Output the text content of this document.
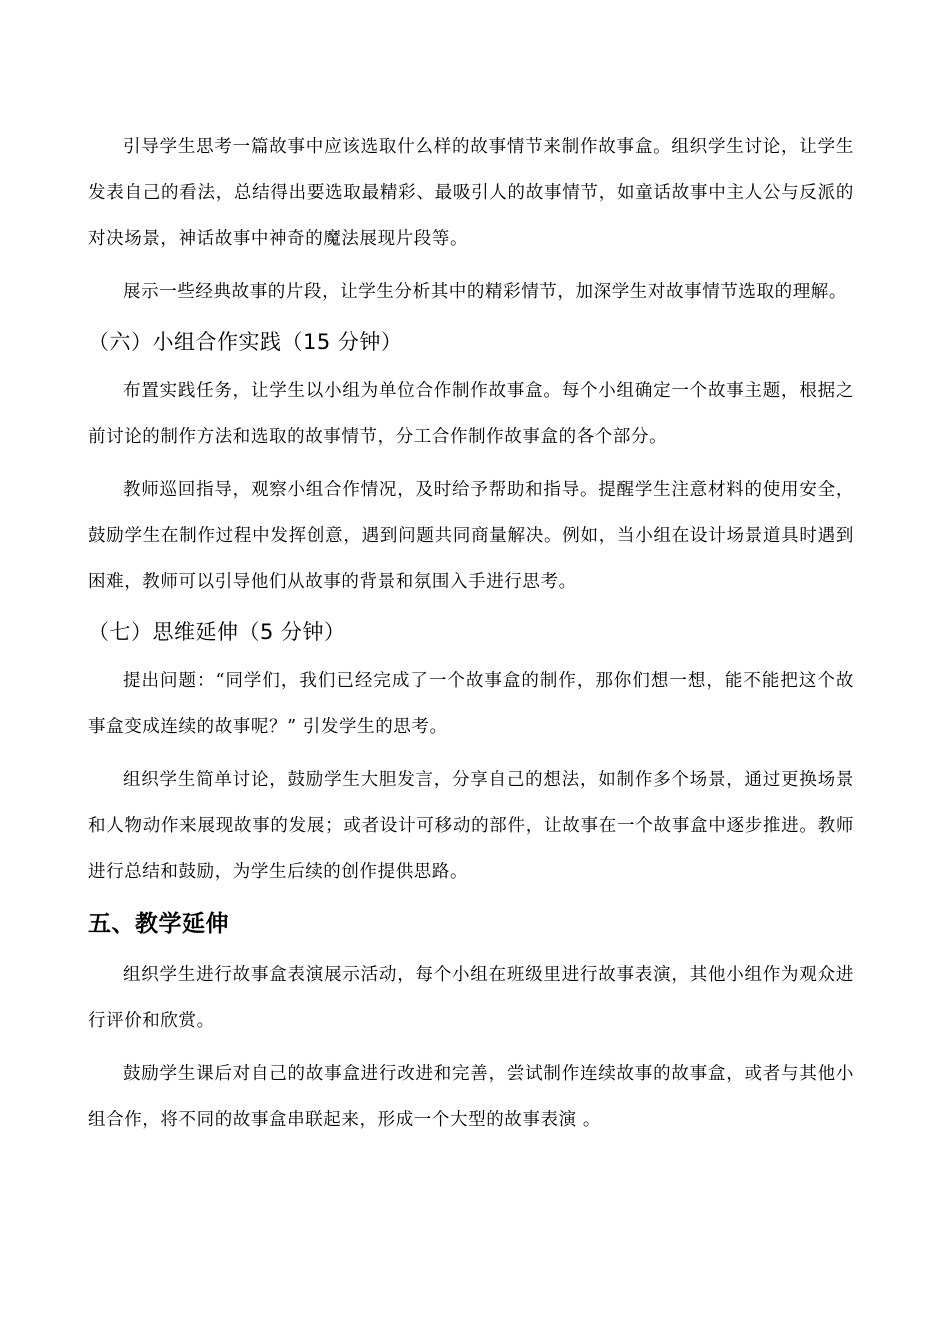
引导学生思考一篇故事中应该选取什么样的故事情节来制作故事盒。组织学生讨论，让学生发表自己的看法，总结得出要选取最精彩、最吸引人的故事情节，如童话故事中主人公与反派的对决场景，神话故事中神奇的魔法展现片段等。

展示一些经典故事的片段，让学生分析其中的精彩情节，加深学生对故事情节选取的理解。

（六）小组合作实践（15 分钟）

布置实践任务，让学生以小组为单位合作制作故事盒。每个小组确定一个故事主题，根据之前讨论的制作方法和选取的故事情节，分工合作制作故事盒的各个部分。

教师巡回指导，观察小组合作情况，及时给予帮助和指导。提醒学生注意材料的使用安全，鼓励学生在制作过程中发挥创意，遇到问题共同商量解决。例如，当小组在设计场景道具时遇到困难，教师可以引导他们从故事的背景和氛围入手进行思考。

（七）思维延伸（5 分钟）

提出问题：“同学们，我们已经完成了一个故事盒的制作，那你们想一想，能不能把这个故事盒变成连续的故事呢？” 引发学生的思考。

组织学生简单讨论，鼓励学生大胆发言，分享自己的想法，如制作多个场景，通过更换场景和人物动作来展现故事的发展；或者设计可移动的部件，让故事在一个故事盒中逐步推进。教师进行总结和鼓励，为学生后续的创作提供思路。

五、教学延伸

组织学生进行故事盒表演展示活动，每个小组在班级里进行故事表演，其他小组作为观众进行评价和欣赏。

鼓励学生课后对自己的故事盒进行改进和完善，尝试制作连续故事的故事盒，或者与其他小组合作，将不同的故事盒串联起来，形成一个大型的故事表演 。
